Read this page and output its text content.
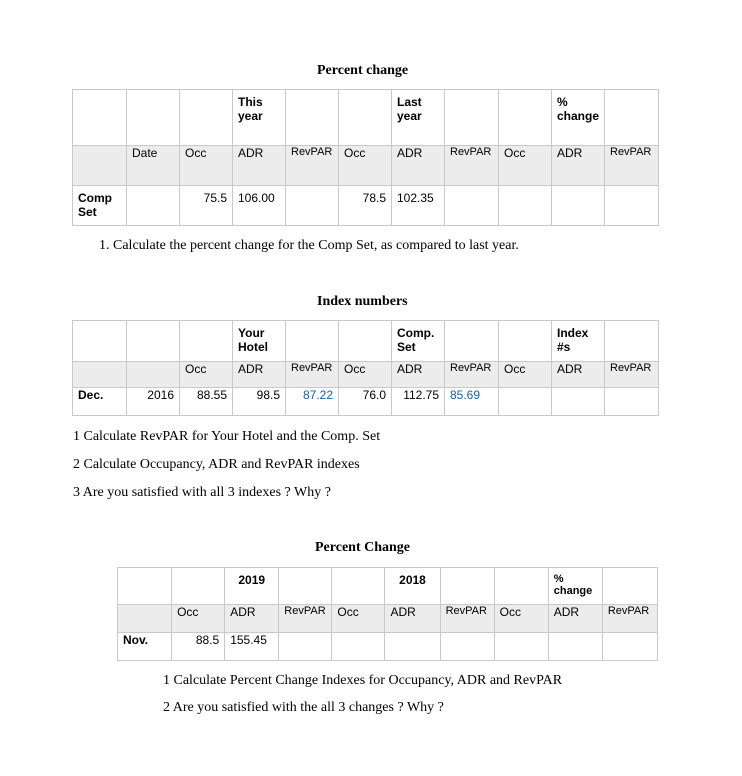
Percent change
			This year			Last year			% change	
	Date	Occ	ADR	RevPAR	Occ	ADR	RevPAR	Occ	ADR	RevPAR
Comp Set		75.5	106.00		78.5	102.35				
1. Calculate the percent change for the Comp Set, as compared to last year.
Index numbers
			Your Hotel			Comp. Set			Index #s	
		Occ	ADR	RevPAR	Occ	ADR	RevPAR	Occ	ADR	RevPAR
Dec.	2016	88.55	98.5	87.22	76.0	112.75	85.69			
1 Calculate RevPAR for Your Hotel and the Comp. Set
2 Calculate Occupancy, ADR and RevPAR indexes
3 Are you satisfied with all 3 indexes ? Why ?
Percent Change
		2019			2018			% change	
	Occ	ADR	RevPAR	Occ	ADR	RevPAR	Occ	ADR	RevPAR
Nov.	88.5	155.45							
1 Calculate Percent Change Indexes for Occupancy, ADR and RevPAR
2 Are you satisfied with the all 3 changes ? Why ?
